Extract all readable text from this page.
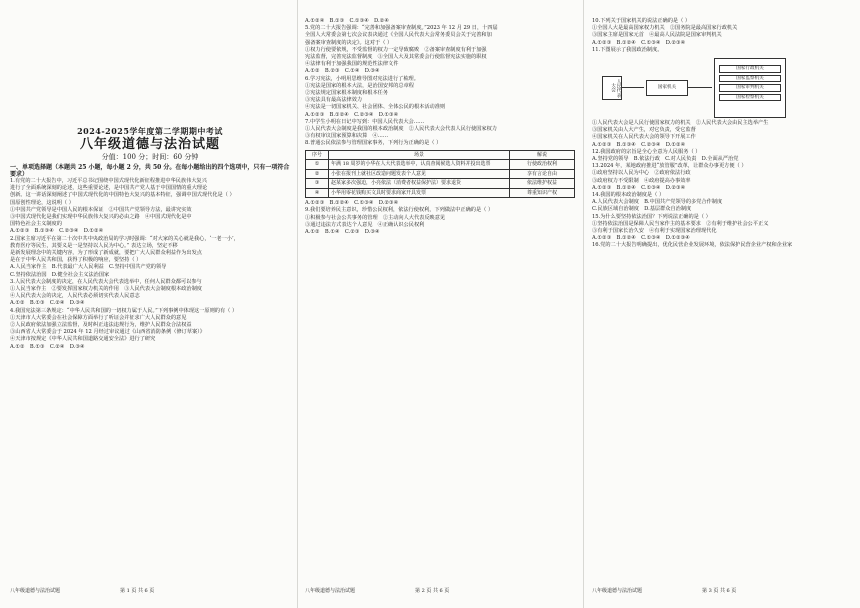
2024-2025学年度第二学期期中考试
八年级道德与法治试题
分值：100 分；时间：60 分钟
一、单项选择题（本题共 25 小题，每小题 2 分，共 50 分。在每小题给出的四个选项中，只有一项符合要求）
1.有党的二十大报告中，习近平总书记围绕中国式现代化新征程推进中华民族伟大复兴
进行了全面系统深刻的论述，这些重要论述，是中国共产党人基于中国国情的重大理论
创新。这一讲话深刻阐述了中国式现代化的中国特色大复兴的基本特征，强调中国式现代化是（ ）
国原创性理论，这说明（ ）
①中国共产党领导是中国人民的根本保证　②中国共产党领导方法，最讲究实效
③中国式现代化是我们实现中华民族伟大复兴的必由之路　④中国式现代化是中
国特色社会主义制度的
A.①②③　B.①③④　C.②③④　D.①②④
2.国家主席习近平在第二十次中共中央政治局的学习时强调：“对大家的关心就是我心，‘一老一小’，
教育医疗等民生，其要义是一是坚持以人民为中心。” 表达立场，坚定不移
是新发展理念中的关键内容，为了形成了新成就，要把广大人民群众利益作为出发点
是在于中华人民共和国，获得了积极的响应，要坚持（ ）
A.人民当家作主　B.代表最广大人民利益　C.坚持中国共产党的领导
C.坚持依法治国　D.健全社会主义法治国家
3.人民代表大会制度的决定，在人民代表大会代表选举中，任何人民群众都可以参与
①人民当家作主　②要发挥国家权力机关的作用　③人民代表大会制度根本政治制度
④人民代表大会的决定，人民代表必须切实代表人民意志
A.①②　B.①③　C.②④　D.③④
4.我国宪法第三条规定：“中华人民共和国的一切权力属于人民。”下列事例中体现这一原则的有（ ）
①天津市人大常委会在社会保障方面举行了听证会并征求广大人民群众的意见
②人民政府依法加强立法监督，及时纠正违法违规行为，维护人民群众合法权益
③山西省人大常委会于 2024 年 12 月经过审议通过《山西省消防条例（修订草案）》
④天津市按规定《中华人民共和国道路交通安全法》进行了研究
A.①②　B.①③　C.②④　D.③④
八年级道德与法治试题	第 1 页 共 6 页
A.①②④　B.①③　C.①③④　D.②④
5.党的二十大报告强调：“完善和加强备案审查制度。”2023 年 12 月 29 日，十四届
全国人大常委会第七次会议表决通过《全国人民代表大会常务委员会关于完善和加
强备案审查制度的决定》。这对于（ ）
①权力行使要依规，不受监督的权力一定导致腐败　②备案审查制度有利于加强
宪法监督，完善宪法监督制度　③全国人大及其常委会行使监督宪法实施的职权
④法律有利于加强我国的规范性法律文件
A.①②　B.②③　C.①④　D.③④
6.学习宪法，小明用思维导图对宪法进行了梳理。
①宪法是国家的根本大法，是治国安邦的总章程
②宪法规定国家根本制度和根本任务
③宪法具有最高法律效力
④宪法是一切国家机关、社会团体、全体公民的根本活动准则
A.①②③　B.①②④　C.②③④　D.①③④
7.中学生小明在日记中写到：中国人民代表大会……
①人民代表大会制度是我国的根本政治制度　②人民代表大会代表人民行使国家权力
③有权审议国家预算和决算　④……
8.普通公民依法参与管理国家事务，下列行为正确的是（ ）
序号	场景	解说
①	年满 18 周岁的小华在人大代表选举中，认真查阅候选人资料并投出选票	行使政治权利
②	小张在报刊上就社区改造问题发表个人意见	享有言论自由
③	赵某家多次强迫，小亮依法（消费者权益保护法）要求退货	依法维护权益
④	小华用零花钱购买文具时要求商家开具发票	尊重知识产权
A.①②③　B.①②④　C.①③④　D.②③④
9.我们要培养民主意识，珍惜公民权利，依法行使权利，下列做法中正确的是（ ）
①积极参与社会公共事务的管理　②主动向人大代表反映意见
③通过违法方式表达个人意见　④正确认识公民权利
A.①②　B.①④　C.②③　D.③④
八年级道德与法治试题	第 2 页 共 6 页
10.下列关于国家机关的说法正确的是（ ）
①全国人大是最高国家权力机关　②国务院是最高国家行政机关
③国家主席是国家元首　④最高人民法院是国家审判机关
A.①②③　B.①②④　C.①③④　D.②③④
11.下图展示了我国政治制度。
人民代表大会	国家机关
国家行政机关
国家监察机关
国家审判机关
国家检察机关
①人民代表大会是人民行使国家权力的机关　②人民代表大会由民主选举产生
③国家机关由人大产生，对它负责，受它监督
④国家机关在人民代表大会的领导下开展工作
A.①②③　B.①③④　C.②③④　D.①②④
12.我国政府的宗旨是全心全意为人民服务（ ）
A.坚持党的领导　B.依法行政　C.对人民负责　D.全面从严治党
13.2024 年，某地政府推进“放管服”改革，让群众办事更方便（ ）
①政府坚持以人民为中心　②政府依法行政
③政府权力不受限制　④政府提高办事效率
A.①②③　B.①②④　C.①③④　D.②③④
14.我国的根本政治制度是（ ）
A.人民代表大会制度　B.中国共产党领导的多党合作制度
C.民族区域自治制度　D.基层群众自治制度
15.为什么要坚持依法治国？下列说法正确的是（ ）
①坚持依法治国是保障人民当家作主的基本要求　②有利于维护社会公平正义
③有利于国家长治久安　④有利于实现国家治理现代化
A.①②③　B.①②④　C.①③④　D.①②③④
16.党的二十大报告明确提出，优化民营企业发展环境，依法保护民营企业产权和企业家
八年级道德与法治试题	第 3 页 共 6 页
